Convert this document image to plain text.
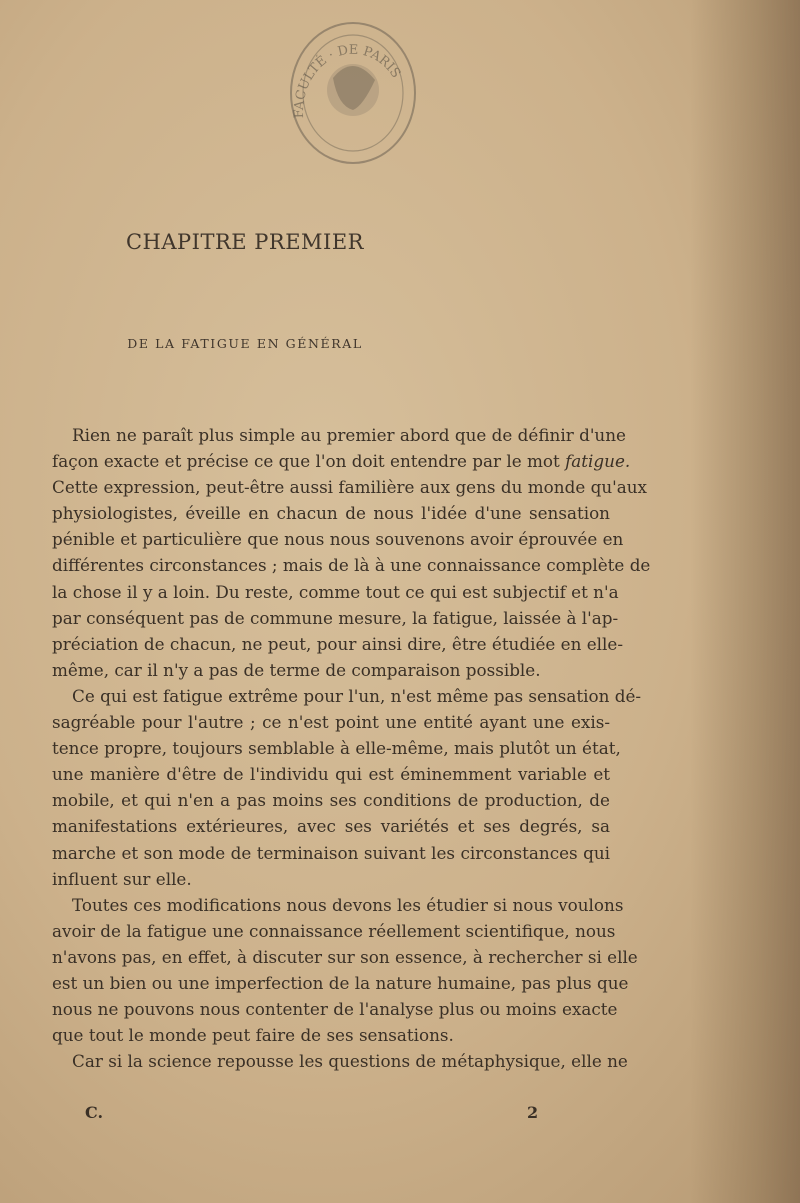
FACULTÉ · DE PARIS
CHAPITRE PREMIER
DE LA FATIGUE EN GÉNÉRAL
Rien ne paraît plus simple au premier abord que de définir d'une
façon exacte et précise ce que l'on doit entendre par le mot fatigue.
Cette expression, peut-être aussi familière aux gens du monde qu'aux
physiologistes, éveille en chacun de nous l'idée d'une sensation
pénible et particulière que nous nous souvenons avoir éprouvée en
différentes circonstances ; mais de là à une connaissance complète de
la chose il y a loin. Du reste, comme tout ce qui est subjectif et n'a
par conséquent pas de commune mesure, la fatigue, laissée à l'ap-
préciation de chacun, ne peut, pour ainsi dire, être étudiée en elle-
même, car il n'y a pas de terme de comparaison possible.
Ce qui est fatigue extrême pour l'un, n'est même pas sensation dé-
sagréable pour l'autre ; ce n'est point une entité ayant une exis-
tence propre, toujours semblable à elle-même, mais plutôt un état,
une manière d'être de l'individu qui est éminemment variable et
mobile, et qui n'en a pas moins ses conditions de production, de
manifestations extérieures, avec ses variétés et ses degrés, sa
marche et son mode de terminaison suivant les circonstances qui
influent sur elle.
Toutes ces modifications nous devons les étudier si nous voulons
avoir de la fatigue une connaissance réellement scientifique, nous
n'avons pas, en effet, à discuter sur son essence, à rechercher si elle
est un bien ou une imperfection de la nature humaine, pas plus que
nous ne pouvons nous contenter de l'analyse plus ou moins exacte
que tout le monde peut faire de ses sensations.
Car si la science repousse les questions de métaphysique, elle ne
C.	2
